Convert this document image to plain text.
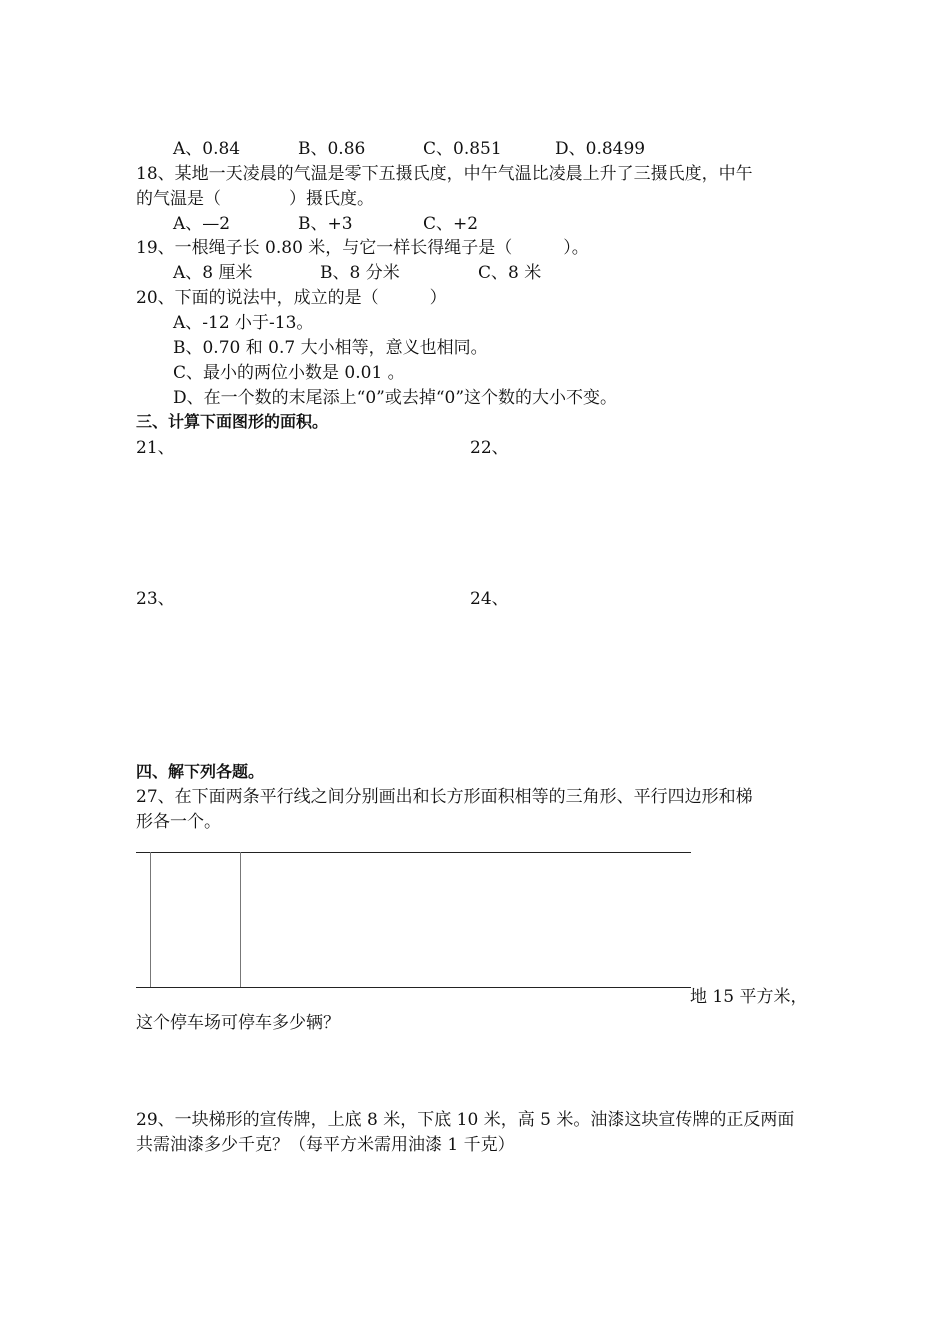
A、0.84	B、0.86	C、0.851	D、0.8499
18、某地一天凌晨的气温是零下五摄氏度，中午气温比凌晨上升了三摄氏度，中午
的气温是（　　　　）摄氏度。
A、—2	B、+3	C、+2
19、一根绳子长 0.80 米，与它一样长得绳子是（　　　）。
A、8 厘米	B、8 分米	C、8 米
20、下面的说法中，成立的是（　　　）
A、-12 小于-13。
B、0.70 和 0.7 大小相等，意义也相同。
C、最小的两位小数是 0.01 。
D、在一个数的末尾添上“0”或去掉“0”这个数的大小不变。
三、计算下面图形的面积。
21、	22、
23、	24、
四、解下列各题。
27、在下面两条平行线之间分别画出和长方形面积相等的三角形、平行四边形和梯
形各一个。
地 15 平方米，
这个停车场可停车多少辆？
29、一块梯形的宣传牌，上底 8 米，下底 10 米，高 5 米。油漆这块宣传牌的正反两面
共需油漆多少千克？（每平方米需用油漆 1 千克）
